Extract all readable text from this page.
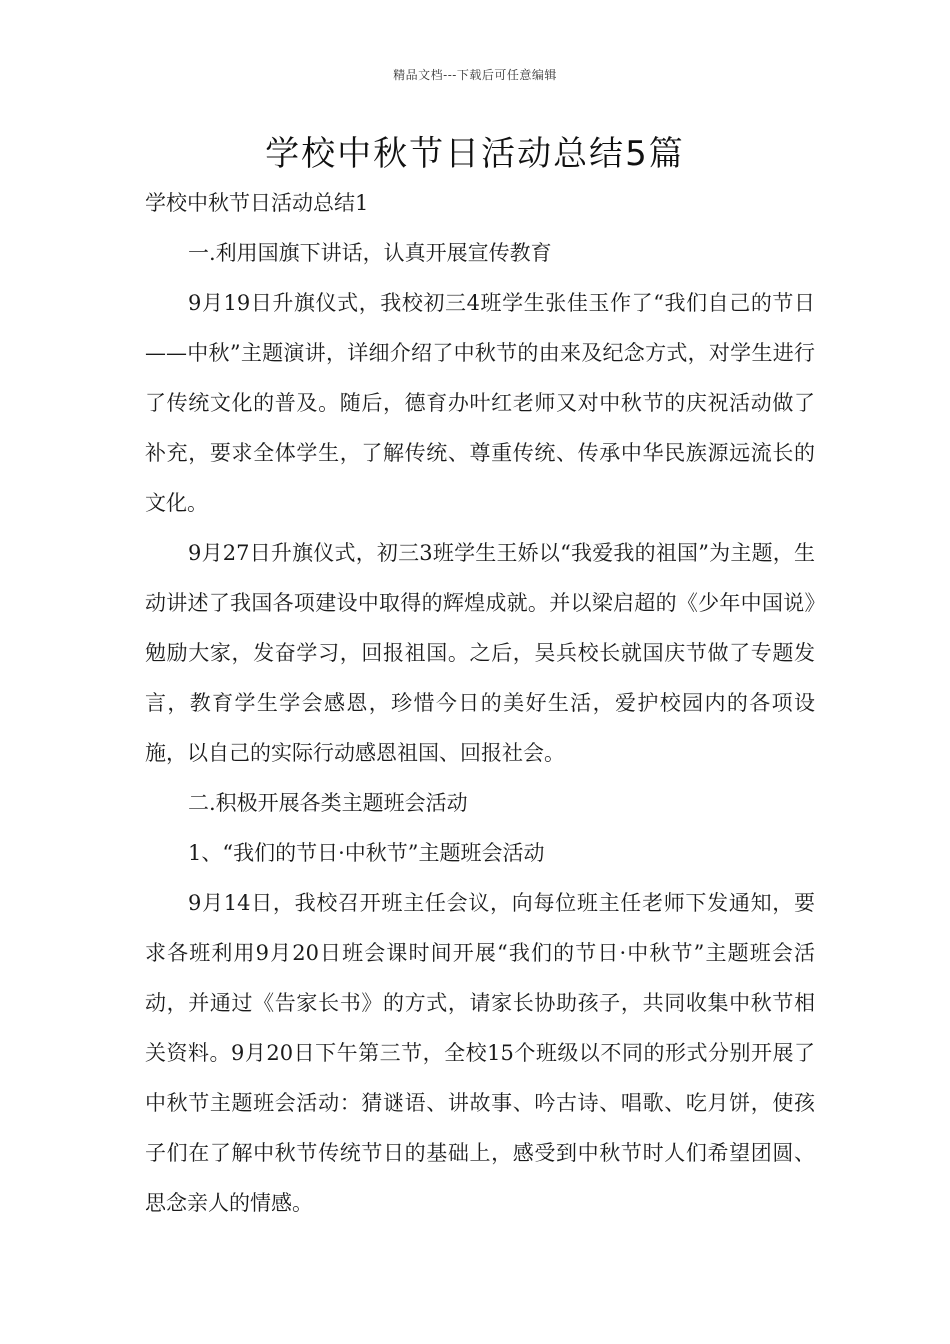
精品文档---下载后可任意编辑
学校中秋节日活动总结5篇

学校中秋节日活动总结1

一.利用国旗下讲话，认真开展宣传教育

9月19日升旗仪式，我校初三4班学生张佳玉作了“我们自己的节日——中秋”主题演讲，详细介绍了中秋节的由来及纪念方式，对学生进行了传统文化的普及。随后，德育办叶红老师又对中秋节的庆祝活动做了补充，要求全体学生，了解传统、尊重传统、传承中华民族源远流长的文化。

9月27日升旗仪式，初三3班学生王娇以“我爱我的祖国”为主题，生动讲述了我国各项建设中取得的辉煌成就。并以梁启超的《少年中国说》勉励大家，发奋学习，回报祖国。之后，吴兵校长就国庆节做了专题发言，教育学生学会感恩，珍惜今日的美好生活，爱护校园内的各项设施，以自己的实际行动感恩祖国、回报社会。

二.积极开展各类主题班会活动

1、“我们的节日·中秋节”主题班会活动

9月14日，我校召开班主任会议，向每位班主任老师下发通知，要求各班利用9月20日班会课时间开展“我们的节日·中秋节”主题班会活动，并通过《告家长书》的方式，请家长协助孩子，共同收集中秋节相关资料。9月20日下午第三节，全校15个班级以不同的形式分别开展了中秋节主题班会活动：猜谜语、讲故事、吟古诗、唱歌、吃月饼，使孩子们在了解中秋节传统节日的基础上，感受到中秋节时人们希望团圆、思念亲人的情感。
